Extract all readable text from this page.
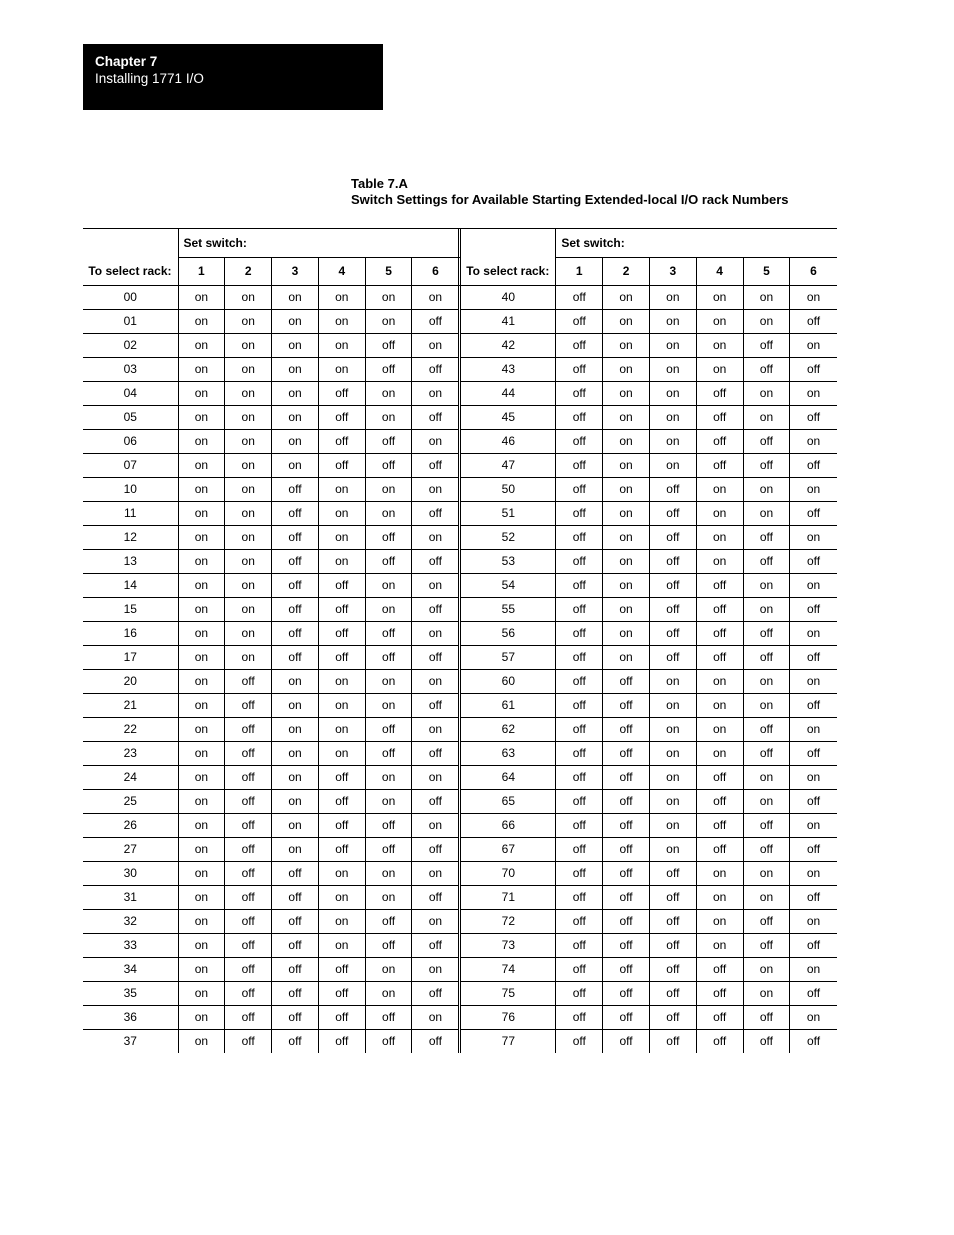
Chapter 7
Installing 1771 I/O
Table 7.A
Switch Settings for Available Starting Extended-local I/O rack Numbers
	Set switch:								Set switch:					
To select rack:	1	2	3	4	5	6		To select rack:	1	2	3	4	5	6
00	on	on	on	on	on	on		40	off	on	on	on	on	on
01	on	on	on	on	on	off		41	off	on	on	on	on	off
02	on	on	on	on	off	on		42	off	on	on	on	off	on
03	on	on	on	on	off	off		43	off	on	on	on	off	off
04	on	on	on	off	on	on		44	off	on	on	off	on	on
05	on	on	on	off	on	off		45	off	on	on	off	on	off
06	on	on	on	off	off	on		46	off	on	on	off	off	on
07	on	on	on	off	off	off		47	off	on	on	off	off	off
10	on	on	off	on	on	on		50	off	on	off	on	on	on
11	on	on	off	on	on	off		51	off	on	off	on	on	off
12	on	on	off	on	off	on		52	off	on	off	on	off	on
13	on	on	off	on	off	off		53	off	on	off	on	off	off
14	on	on	off	off	on	on		54	off	on	off	off	on	on
15	on	on	off	off	on	off		55	off	on	off	off	on	off
16	on	on	off	off	off	on		56	off	on	off	off	off	on
17	on	on	off	off	off	off		57	off	on	off	off	off	off
20	on	off	on	on	on	on		60	off	off	on	on	on	on
21	on	off	on	on	on	off		61	off	off	on	on	on	off
22	on	off	on	on	off	on		62	off	off	on	on	off	on
23	on	off	on	on	off	off		63	off	off	on	on	off	off
24	on	off	on	off	on	on		64	off	off	on	off	on	on
25	on	off	on	off	on	off		65	off	off	on	off	on	off
26	on	off	on	off	off	on		66	off	off	on	off	off	on
27	on	off	on	off	off	off		67	off	off	on	off	off	off
30	on	off	off	on	on	on		70	off	off	off	on	on	on
31	on	off	off	on	on	off		71	off	off	off	on	on	off
32	on	off	off	on	off	on		72	off	off	off	on	off	on
33	on	off	off	on	off	off		73	off	off	off	on	off	off
34	on	off	off	off	on	on		74	off	off	off	off	on	on
35	on	off	off	off	on	off		75	off	off	off	off	on	off
36	on	off	off	off	off	on		76	off	off	off	off	off	on
37	on	off	off	off	off	off		77	off	off	off	off	off	off
